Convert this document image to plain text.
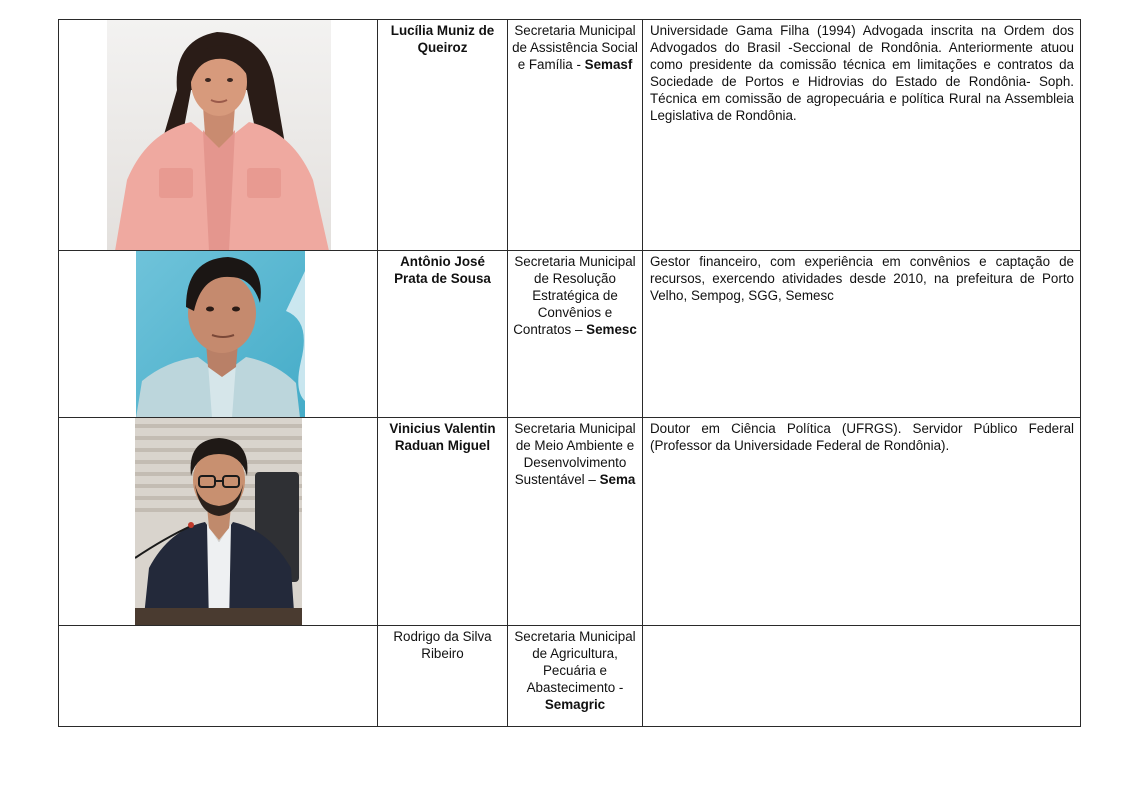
	Lucília Muniz de Queiroz	Secretaria Municipal de Assistência Social e Família - Semasf	Universidade Gama Filha (1994) Advogada inscrita na Ordem dos Advogados do Brasil -Seccional de Rondônia. Anteriormente atuou como presidente da comissão técnica em limitações e contratos da Sociedade de Portos e Hidrovias do Estado de Rondônia- Soph. Técnica em comissão de agropecuária e política Rural na Assembleia Legislativa de Rondônia.

	Antônio José Prata de Sousa	Secretaria Municipal de Resolução Estratégica de Convênios e Contratos – Semesc	Gestor financeiro, com experiência em convênios e captação de recursos, exercendo atividades desde 2010, na prefeitura de Porto Velho, Sempog, SGG, Semesc

	Vinicius Valentin Raduan Miguel	Secretaria Municipal de Meio Ambiente e Desenvolvimento Sustentável – Sema	Doutor em Ciência Política (UFRGS). Servidor Público Federal (Professor da Universidade Federal de Rondônia).
	Rodrigo da Silva Ribeiro	Secretaria Municipal de Agricultura, Pecuária e Abastecimento - Semagric	
